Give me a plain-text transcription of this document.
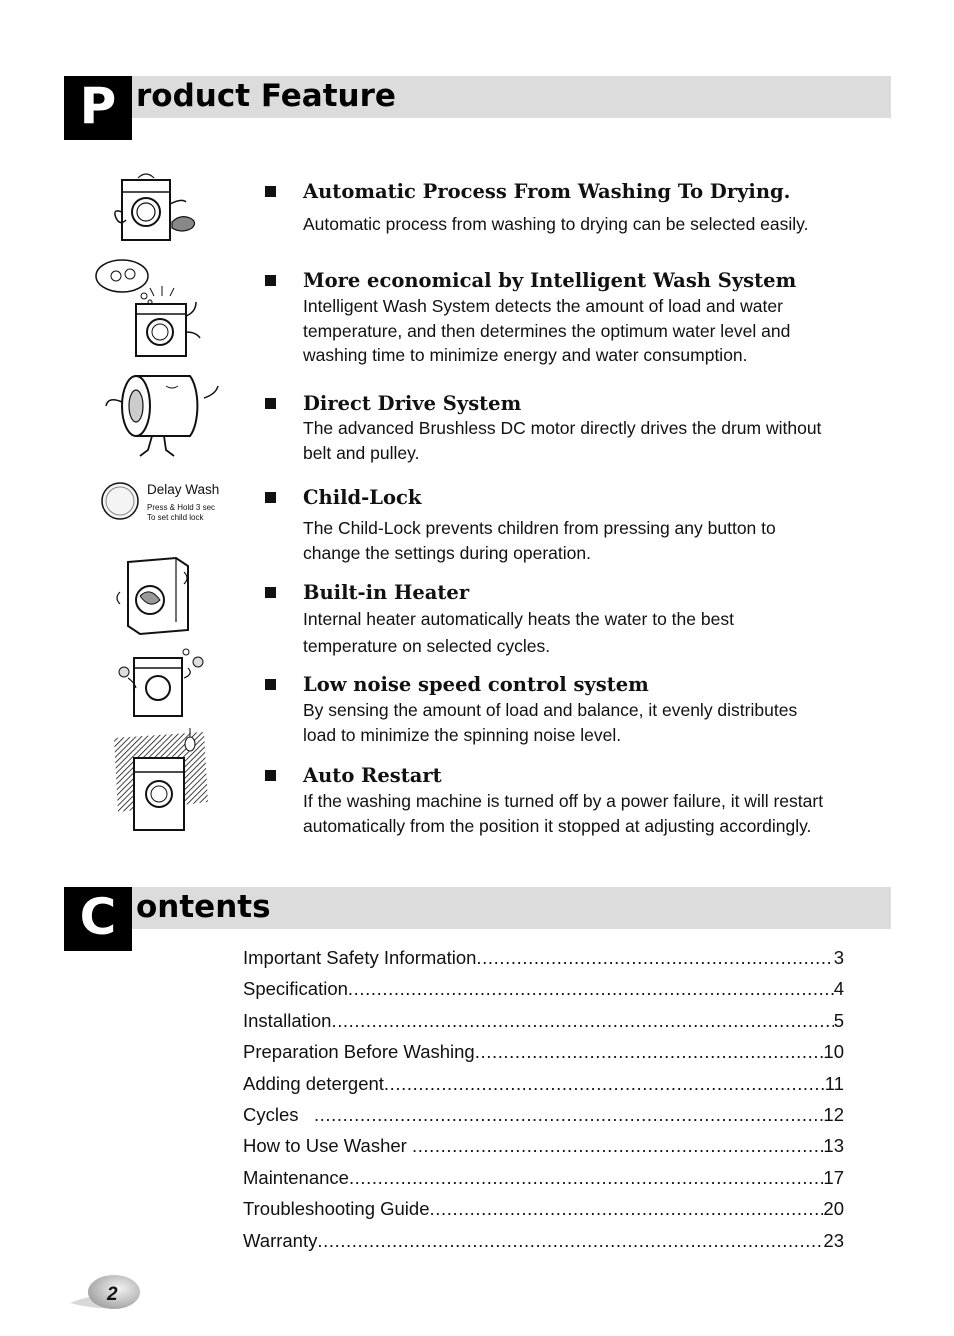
P roduct Feature
Delay Wash
Press & Hold 3 sec
To set child lock
Automatic Process From Washing To Drying.
Automatic process from washing to drying can be selected easily.
More economical by Intelligent Wash System
Intelligent Wash System detects the amount of load and water
temperature, and then determines the optimum water level and
washing time to minimize energy and water consumption.
Direct Drive System
The advanced Brushless DC motor directly drives the drum without
belt and pulley.
Child-Lock
The Child-Lock prevents children from pressing any button to
change the settings during operation.
Built-in Heater
Internal heater automatically heats the water to the best
temperature on selected cycles.
Low noise speed control system
By sensing the amount of load and balance, it evenly distributes
load to minimize the spinning noise level.
Auto Restart
If the washing machine is turned off by a power failure, it will restart
automatically from the position it stopped at adjusting accordingly.
C ontents
Important Safety Information .....	3
Specification .....	4
Installation .....	5
Preparation Before Washing .....	10
Adding detergent .....	11
Cycles .....	12
How to Use Washer .....	13
Maintenance .....	17
Troubleshooting Guide .....	20
Warranty .....	23
2
